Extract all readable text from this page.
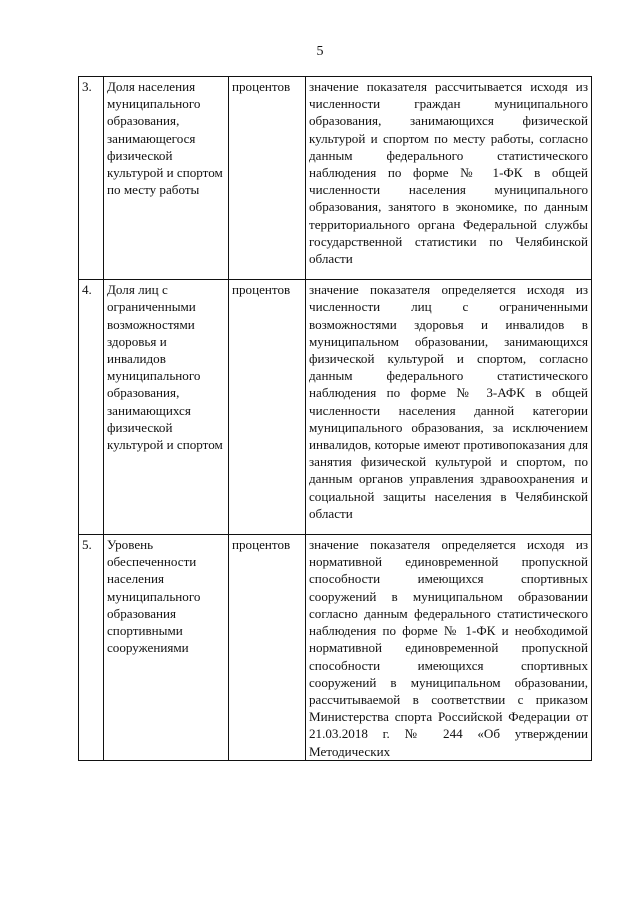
5
3.	Доля населения муниципального образования, занимающегося физической культурой и спортом по месту работы	процентов	значение показателя рассчитывается исходя из численности граждан муниципального образования, занимающихся физической культурой и спортом по месту работы, согласно данным федерального статистического наблюдения по форме № 1-ФК в общей численности населения муниципального образования, занятого в экономике, по данным территориального органа Федеральной службы государственной статистики по Челябинской области

4.	Доля лиц с ограниченными возможностями здоровья и инвалидов муниципального образования, занимающихся физической культурой и спортом	процентов	значение показателя определяется исходя из численности лиц с ограниченными возможностями здоровья и инвалидов в муниципальном образовании, занимающихся физической культурой и спортом, согласно данным федерального статистического наблюдения по форме № 3-АФК в общей численности населения данной категории муниципального образования, за исключением инвалидов, которые имеют противопоказания для занятия физической культурой и спортом, по данным органов управления здравоохранения и социальной защиты населения в Челябинской области

5.	Уровень обеспеченности населения муниципального образования спортивными сооружениями	процентов	значение показателя определяется исходя из нормативной единовременной пропускной способности имеющихся спортивных сооружений в муниципальном образовании согласно данным федерального статистического наблюдения по форме № 1-ФК и необходимой нормативной единовременной пропускной способности имеющихся спортивных сооружений в муниципальном образовании, рассчитываемой в соответствии с приказом Министерства спорта Российской Федерации от 21.03.2018 г. № 244 «Об утверждении Методических
